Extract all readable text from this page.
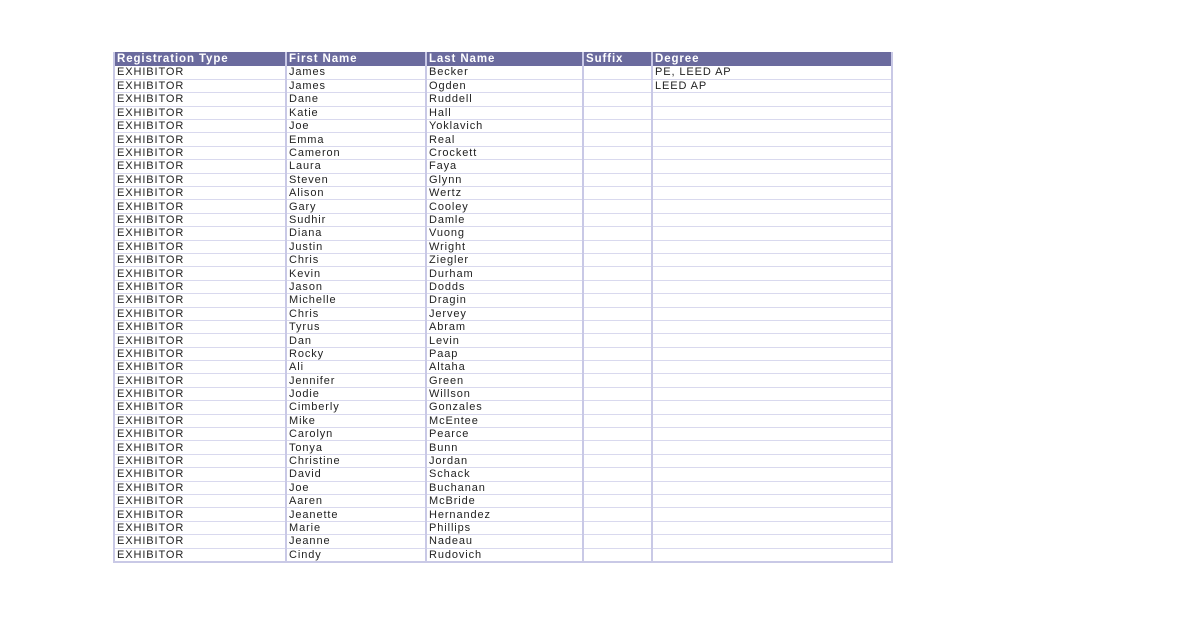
Registration Type	First Name	Last Name	Suffix	Degree
EXHIBITOR	James	Becker		PE, LEED AP
EXHIBITOR	James	Ogden		LEED AP
EXHIBITOR	Dane	Ruddell		
EXHIBITOR	Katie	Hall		
EXHIBITOR	Joe	Yoklavich		
EXHIBITOR	Emma	Real		
EXHIBITOR	Cameron	Crockett		
EXHIBITOR	Laura	Faya		
EXHIBITOR	Steven	Glynn		
EXHIBITOR	Alison	Wertz		
EXHIBITOR	Gary	Cooley		
EXHIBITOR	Sudhir	Damle		
EXHIBITOR	Diana	Vuong		
EXHIBITOR	Justin	Wright		
EXHIBITOR	Chris	Ziegler		
EXHIBITOR	Kevin	Durham		
EXHIBITOR	Jason	Dodds		
EXHIBITOR	Michelle	Dragin		
EXHIBITOR	Chris	Jervey		
EXHIBITOR	Tyrus	Abram		
EXHIBITOR	Dan	Levin		
EXHIBITOR	Rocky	Paap		
EXHIBITOR	Ali	Altaha		
EXHIBITOR	Jennifer	Green		
EXHIBITOR	Jodie	Willson		
EXHIBITOR	Cimberly	Gonzales		
EXHIBITOR	Mike	McEntee		
EXHIBITOR	Carolyn	Pearce		
EXHIBITOR	Tonya	Bunn		
EXHIBITOR	Christine	Jordan		
EXHIBITOR	David	Schack		
EXHIBITOR	Joe	Buchanan		
EXHIBITOR	Aaren	McBride		
EXHIBITOR	Jeanette	Hernandez		
EXHIBITOR	Marie	Phillips		
EXHIBITOR	Jeanne	Nadeau		
EXHIBITOR	Cindy	Rudovich		
